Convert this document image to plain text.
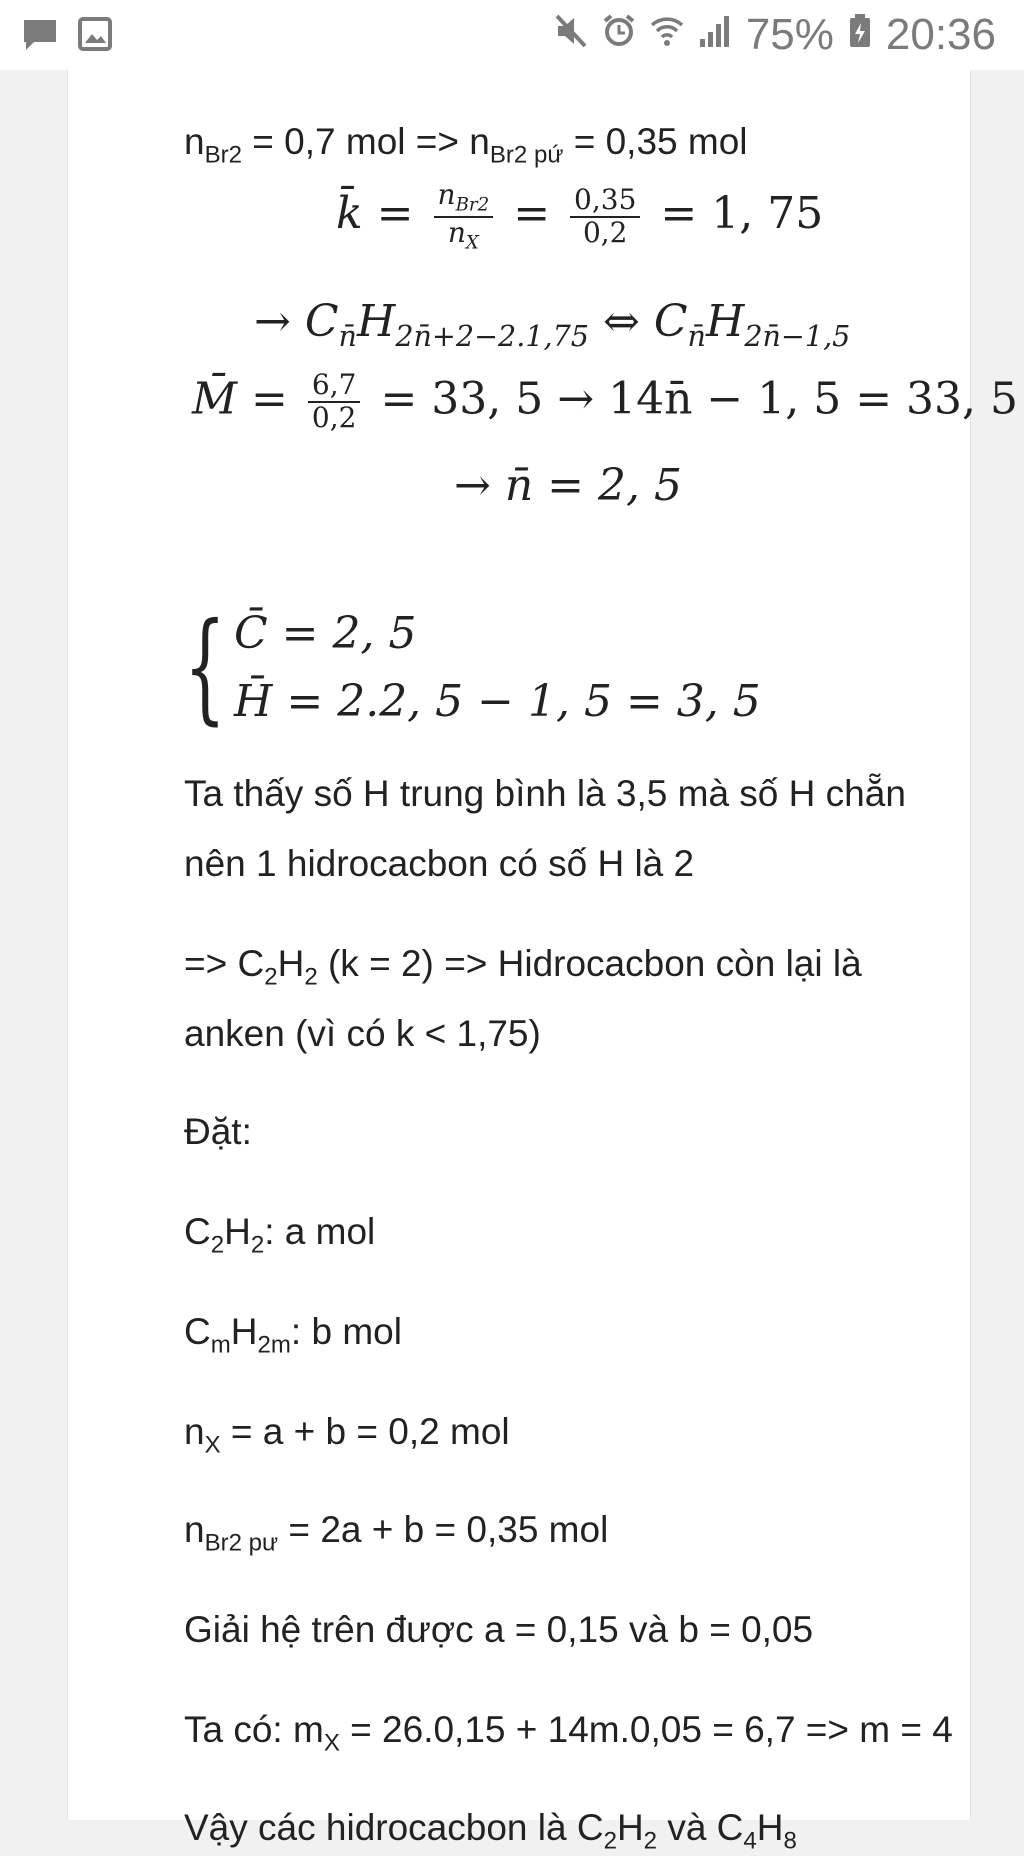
75% 20:36
$n_{Br2} = 0,7$ mol => $n_{Br2 pứ} = 0,35$ mol
k̄ = $\frac{n_{Br2}}{n_X} = \frac{0,35}{0,2} = 1$, 75
→ $C_{n̄}H_{2n̄+2-2.1,75}$ ⇔ $C_{n̄}H_{2n̄-1,5}$
M̄ = $\frac{6,7}{0,2} = 33$, 5 → 14n̄ − 1, 5 = 33, 5
→ n̄ = 2, 5
{ C̄ = 2, 5
H̄ = 2.2, 5 − 1, 5 = 3, 5
Ta thấy số H trung bình là 3,5 mà số H chẵn
nên 1 hidrocacbon có số H là 2
=> $C_2H_2$ (k = 2) => Hidrocacbon còn lại là
anken (vì có k < 1,75)
Đặt:
$C_2H_2$: a mol
$C_mH_{2m}$: b mol
$n_X = a + b = 0,2$ mol
$n_{Br2 pư} = 2a + b = 0,35$ mol
Giải hệ trên được a = 0,15 và b = 0,05
Ta có: $m_X = 26.0,15 + 14m.0,05 = 6,7 => m = 4$
Vậy các hidrocacbon là $C_2H_2$ và $C_4H_8$
